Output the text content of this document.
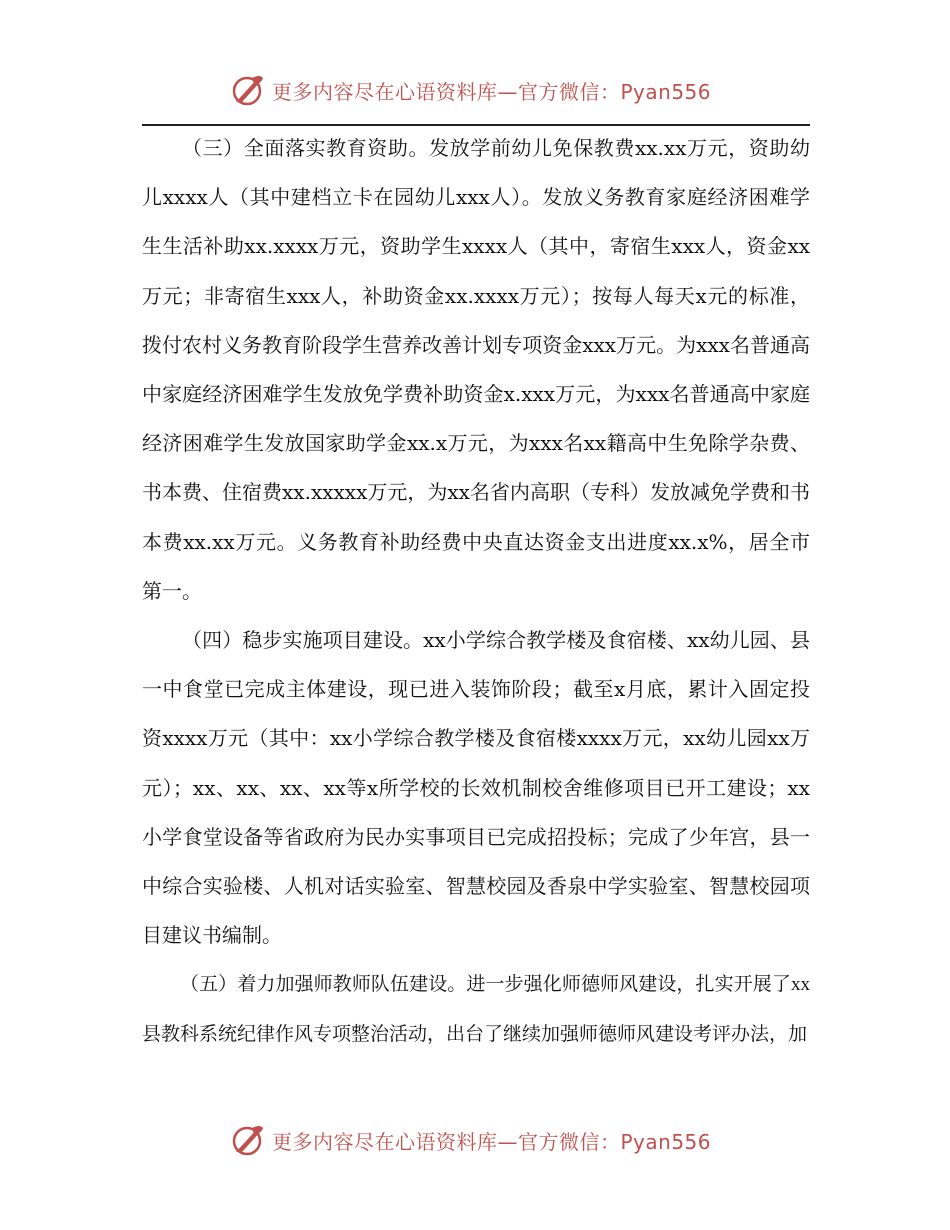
更多内容尽在心语资料库—官方微信：Pyan556

（三）全面落实教育资助。发放学前幼儿免保教费xx.xx万元，资助幼儿xxxx人（其中建档立卡在园幼儿xxx人）。发放义务教育家庭经济困难学生生活补助xx.xxxx万元，资助学生xxxx人（其中，寄宿生xxx人，资金xx万元；非寄宿生xxx人，补助资金xx.xxxx万元）；按每人每天x元的标准，拨付农村义务教育阶段学生营养改善计划专项资金xxx万元。为xxx名普通高中家庭经济困难学生发放免学费补助资金x.xxx万元，为xxx名普通高中家庭经济困难学生发放国家助学金xx.x万元，为xxx名xx籍高中生免除学杂费、书本费、住宿费xx.xxxxx万元，为xx名省内高职（专科）发放减免学费和书本费xx.xx万元。义务教育补助经费中央直达资金支出进度xx.x%，居全市第一。

（四）稳步实施项目建设。xx小学综合教学楼及食宿楼、xx幼儿园、县一中食堂已完成主体建设，现已进入装饰阶段；截至x月底，累计入固定投资xxxx万元（其中：xx小学综合教学楼及食宿楼xxxx万元，xx幼儿园xx万元）；xx、xx、xx、xx等x所学校的长效机制校舍维修项目已开工建设；xx小学食堂设备等省政府为民办实事项目已完成招投标；完成了少年宫，县一中综合实验楼、人机对话实验室、智慧校园及香泉中学实验室、智慧校园项目建议书编制。

（五）着力加强师教师队伍建设。进一步强化师德师风建设，扎实开展了xx县教科系统纪律作风专项整治活动，出台了继续加强师德师风建设考评办法，加

更多内容尽在心语资料库—官方微信：Pyan556
